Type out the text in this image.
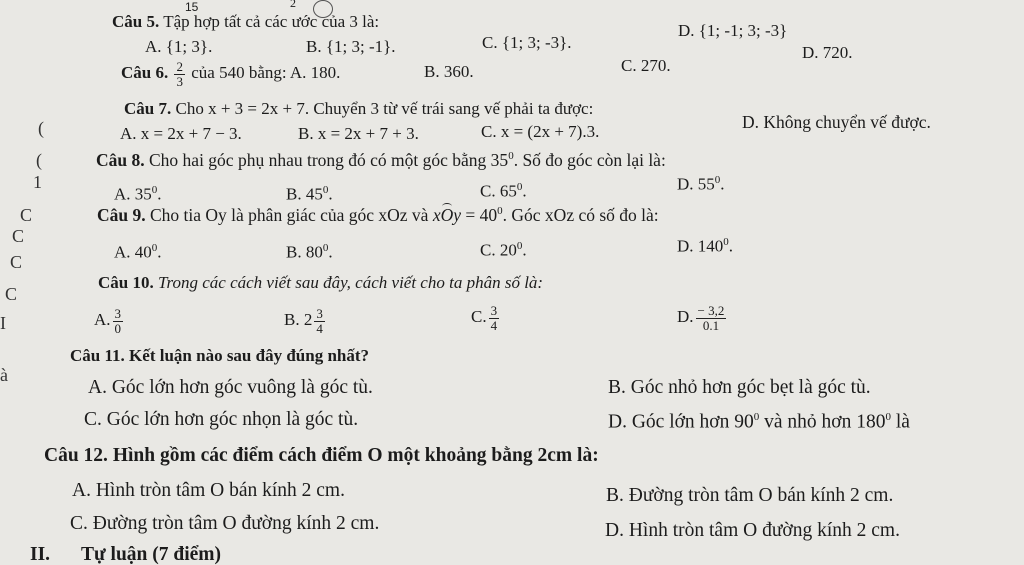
15	2
(
(
1
C
C
C
C
I
à
Câu 5. Tập hợp tất cả các ước của 3 là:
A. {1; 3}.	B. {1; 3; -1}.	C. {1; 3; -3}.
D. {1; -1; 3; -3}
Câu 6. $\frac{2}{3}$ của 540 bằng: A. 180.	B. 360.	C. 270.
D. 720.
Câu 7. Cho x + 3 = 2x + 7. Chuyển 3 từ vế trái sang vế phải ta được:
A. x = 2x + 7 − 3.	B. x = 2x + 7 + 3.	C. x = (2x + 7).3.	D. Không chuyển vế được.
Câu 8. Cho hai góc phụ nhau trong đó có một góc bằng $35^0$. Số đo góc còn lại là:
A. $35^0$.	B. $45^0$.	C. $65^0$.	D. $55^0$.
Câu 9. Cho tia Oy là phân giác của góc xOz và xOy = $40^0$. Góc xOz có số đo là:
A. $40^0$.	B. $80^0$.	C. $20^0$.	D. $140^0$.
Câu 10. Trong các cách viết sau đây, cách viết cho ta phân số là:
A. $\frac{3}{0}$	B. $2 \frac{3}{4}$	C. $\frac{3}{4}$	D. $\frac{- 3,2}{0.1}$
Câu 11. Kết luận nào sau đây đúng nhất?
A. Góc lớn hơn góc vuông là góc tù.	B. Góc nhỏ hơn góc bẹt là góc tù.
C. Góc lớn hơn góc nhọn là góc tù.	D. Góc lớn hơn $90^0$ và nhỏ hơn $180^0$ là
Câu 12. Hình gồm các điểm cách điểm O một khoảng bằng 2cm là:
A. Hình tròn tâm O bán kính 2 cm.	B. Đường tròn tâm O bán kính 2 cm.
C. Đường tròn tâm O đường kính 2 cm.	D. Hình tròn tâm O đường kính 2 cm.
II. Tự luận (7 điểm)
